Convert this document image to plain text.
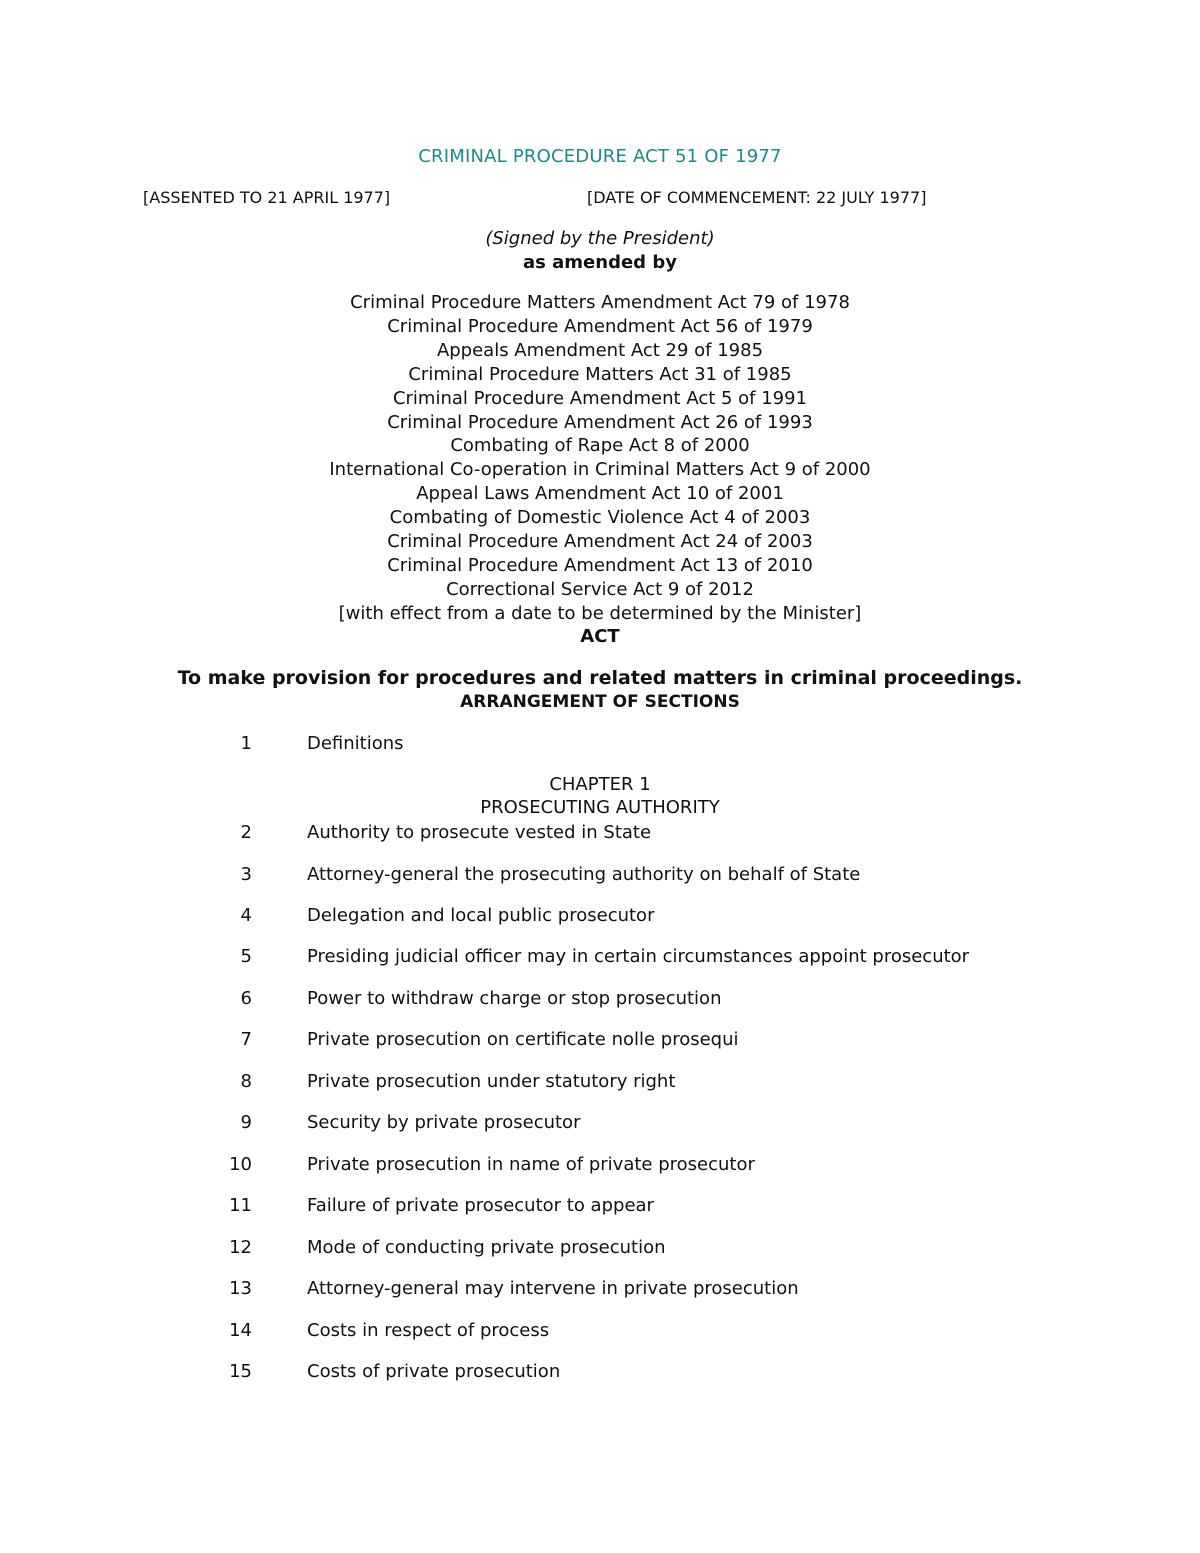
CRIMINAL PROCEDURE ACT 51 OF 1977
[ASSENTED TO 21 APRIL 1977]	[DATE OF COMMENCEMENT: 22 JULY 1977]
(Signed by the President)
as amended by
Criminal Procedure Matters Amendment Act 79 of 1978
Criminal Procedure Amendment Act 56 of 1979
Appeals Amendment Act 29 of 1985
Criminal Procedure Matters Act 31 of 1985
Criminal Procedure Amendment Act 5 of 1991
Criminal Procedure Amendment Act 26 of 1993
Combating of Rape Act 8 of 2000
International Co-operation in Criminal Matters Act 9 of 2000
Appeal Laws Amendment Act 10 of 2001
Combating of Domestic Violence Act 4 of 2003
Criminal Procedure Amendment Act 24 of 2003
Criminal Procedure Amendment Act 13 of 2010
Correctional Service Act 9 of 2012
[with effect from a date to be determined by the Minister]
ACT
To make provision for procedures and related matters in criminal proceedings.
ARRANGEMENT OF SECTIONS
1	Definitions
CHAPTER 1
PROSECUTING AUTHORITY
2	Authority to prosecute vested in State
3	Attorney-general the prosecuting authority on behalf of State
4	Delegation and local public prosecutor
5	Presiding judicial officer may in certain circumstances appoint prosecutor
6	Power to withdraw charge or stop prosecution
7	Private prosecution on certificate nolle prosequi
8	Private prosecution under statutory right
9	Security by private prosecutor
10	Private prosecution in name of private prosecutor
11	Failure of private prosecutor to appear
12	Mode of conducting private prosecution
13	Attorney-general may intervene in private prosecution
14	Costs in respect of process
15	Costs of private prosecution
